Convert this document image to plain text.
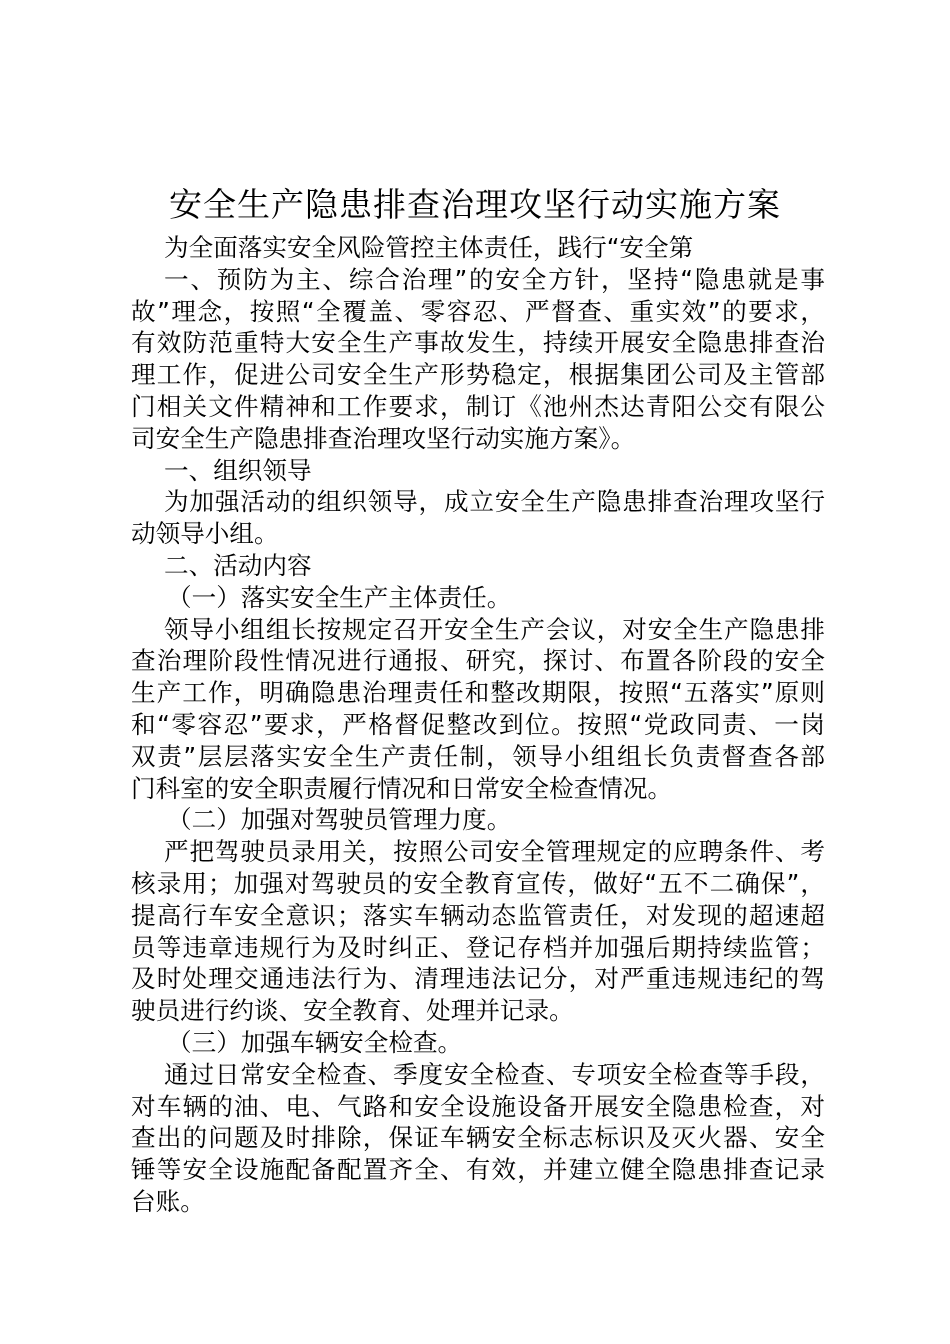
安全生产隐患排查治理攻坚行动实施方案
为全面落实安全风险管控主体责任，践行“安全第
一、预防为主、综合治理”的安全方针，坚持“隐患就是事
故”理念，按照“全覆盖、零容忍、严督查、重实效”的要求，
有效防范重特大安全生产事故发生，持续开展安全隐患排查治
理工作，促进公司安全生产形势稳定，根据集团公司及主管部
门相关文件精神和工作要求，制订《池州杰达青阳公交有限公
司安全生产隐患排查治理攻坚行动实施方案》。
一、组织领导
为加强活动的组织领导，成立安全生产隐患排查治理攻坚行
动领导小组。
二、活动内容
（一）落实安全生产主体责任。
领导小组组长按规定召开安全生产会议，对安全生产隐患排
查治理阶段性情况进行通报、研究，探讨、布置各阶段的安全
生产工作，明确隐患治理责任和整改期限，按照“五落实”原则
和“零容忍”要求，严格督促整改到位。按照“党政同责、一岗
双责”层层落实安全生产责任制，领导小组组长负责督查各部
门科室的安全职责履行情况和日常安全检查情况。
（二）加强对驾驶员管理力度。
严把驾驶员录用关，按照公司安全管理规定的应聘条件、考
核录用；加强对驾驶员的安全教育宣传，做好“五不二确保”，
提高行车安全意识；落实车辆动态监管责任，对发现的超速超
员等违章违规行为及时纠正、登记存档并加强后期持续监管；
及时处理交通违法行为、清理违法记分，对严重违规违纪的驾
驶员进行约谈、安全教育、处理并记录。
（三）加强车辆安全检查。
通过日常安全检查、季度安全检查、专项安全检查等手段，
对车辆的油、电、气路和安全设施设备开展安全隐患检查，对
查出的问题及时排除，保证车辆安全标志标识及灭火器、安全
锤等安全设施配备配置齐全、有效，并建立健全隐患排查记录
台账。
